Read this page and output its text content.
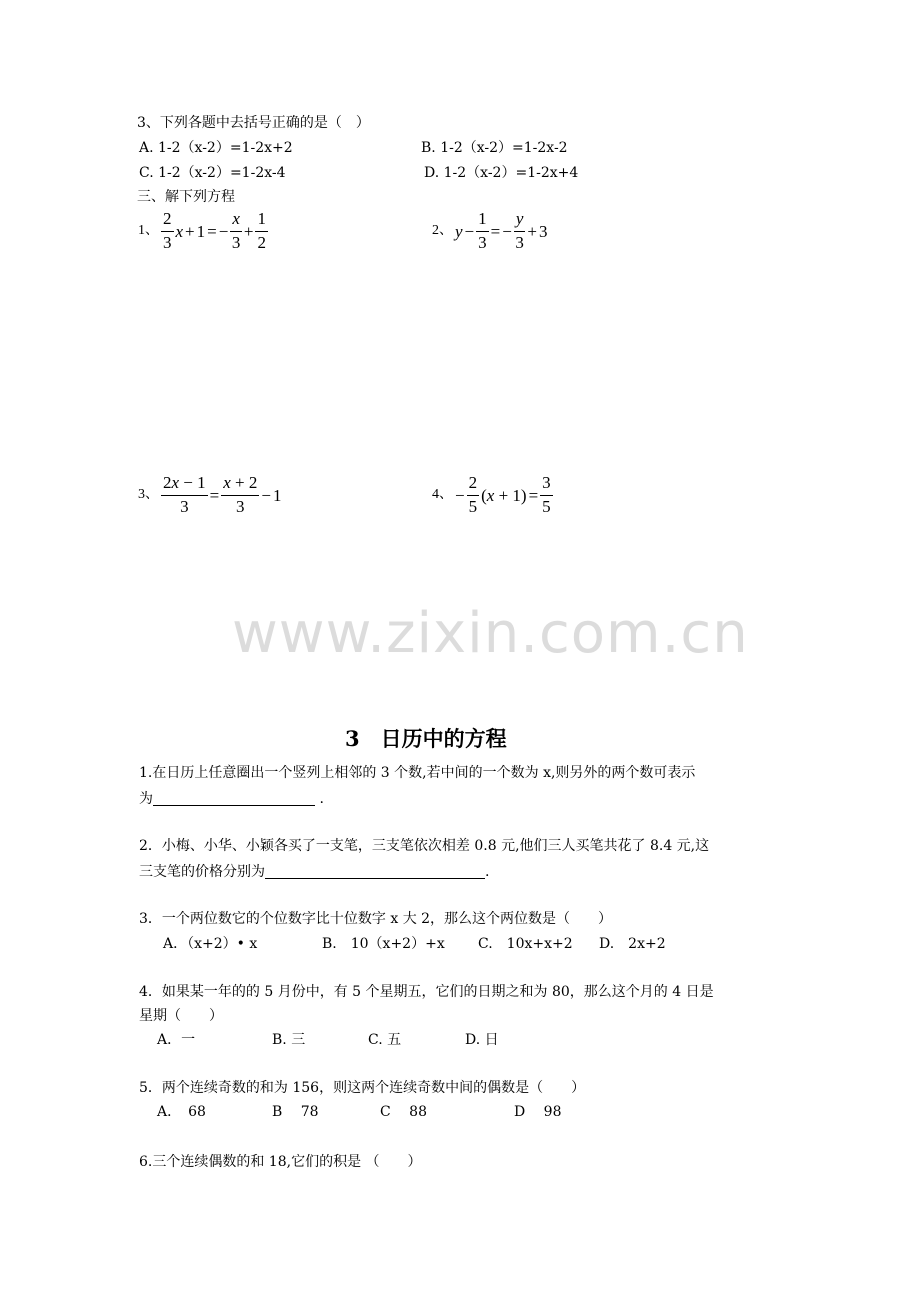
3、下列各题中去括号正确的是（　）
A. 1-2（x-2）=1-2x+2	B. 1-2（x-2）=1-2x-2
C. 1-2（x-2）=1-2x-4	D. 1-2（x-2）=1-2x+4
三、解下列方程
1、 $\frac{2}{3}$ x + 1 = − $\frac{x}{3} + \frac{1}{2}$	2、 $y - \frac{1}{3}$ = − $\frac{y}{3} + 3$
3、 $\frac{2x - 1}{3} = \frac{x + 2}{3} - 1$	4、 − $\frac{2}{5} (x + 1) = \frac{3}{5}$
www.zixin.com.cn
3　日历中的方程
1.在日历上任意圈出一个竖列上相邻的 3 个数,若中间的一个数为 x,则另外的两个数可表示
为	.
2．小梅、小华、小颖各买了一支笔，三支笔依次相差 0.8 元,他们三人买笔共花了 8.4 元,这
三支笔的价格分别为	.
3．一个两位数它的个位数字比十位数字 x 大 2，那么这个两位数是（　　）
A．（x+2）• x	B.　10（x+2）+x C.　10x+x+2 D.　2x+2
4．如果某一年的的 5 月份中，有 5 个星期五，它们的日期之和为 80，那么这个月的 4 日是
星期（　　）
A．一	B. 三	C. 五	D. 日
5．两个连续奇数的和为 156，则这两个连续奇数中间的偶数是（　　）
A．　68	B　 78	C　 88	D　 98
6.三个连续偶数的和 18,它们的积是 （　　）
